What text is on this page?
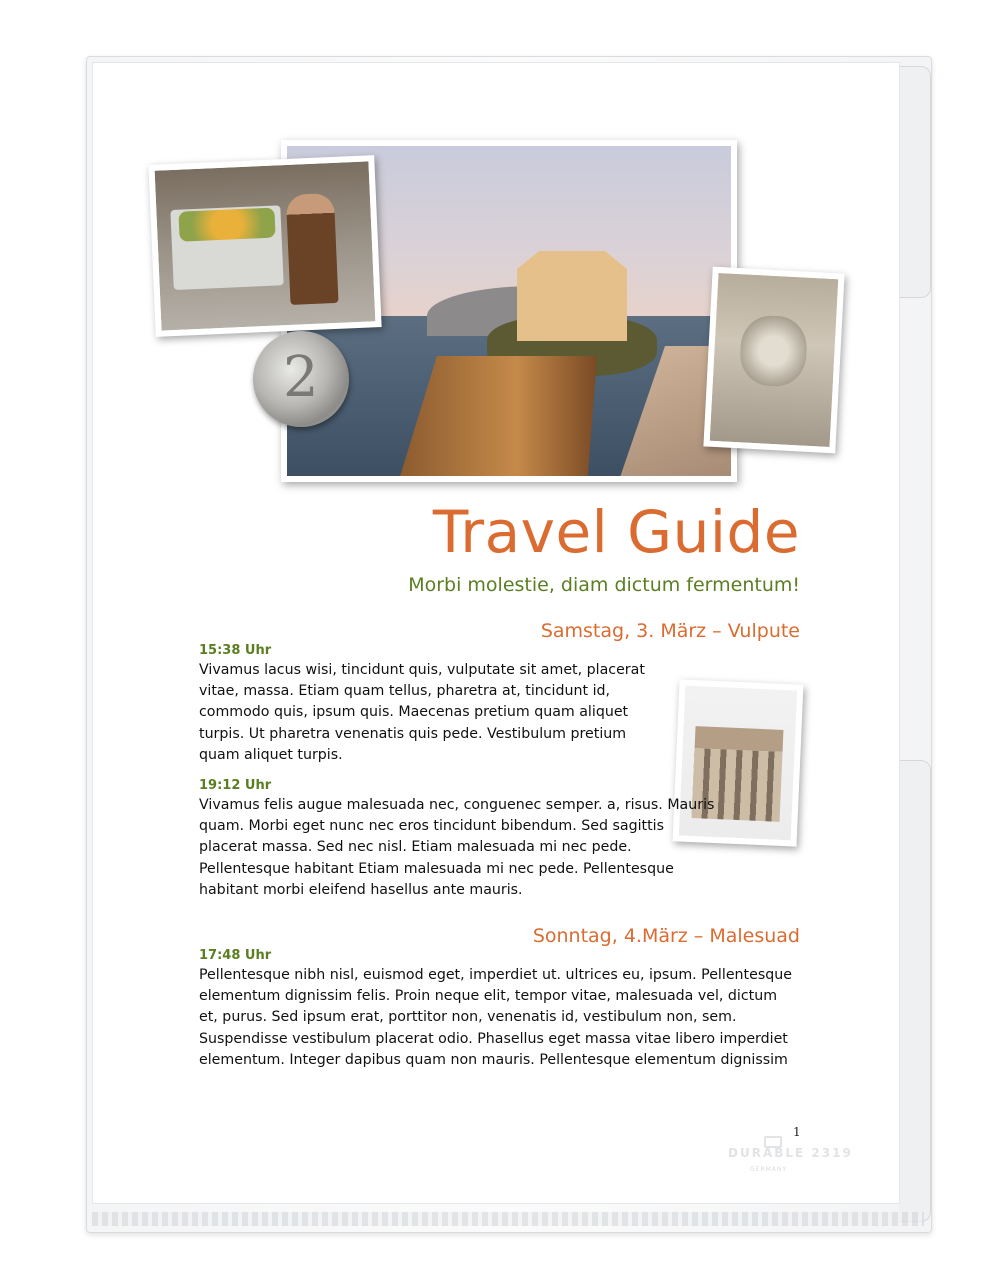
2
Travel Guide

Morbi molestie, diam dictum fermentum!

Samstag, 3. März – Vulpute

15:38 Uhr

Vivamus lacus wisi, tincidunt quis, vulputate sit amet, placerat vitae, massa. Etiam quam tellus, pharetra at, tincidunt id, commodo quis, ipsum quis. Maecenas pretium quam aliquet turpis. Ut pharetra venenatis quis pede. Vestibulum pretium quam aliquet turpis.

19:12 Uhr

Vivamus felis augue malesuada nec, conguenec semper. a, risus. Mauris quam. Morbi eget nunc nec eros tincidunt bibendum. Sed sagittis placerat massa. Sed nec nisl. Etiam malesuada mi nec pede. Pellentesque habitant Etiam malesuada mi nec pede. Pellentesque habitant morbi eleifend hasellus ante mauris.

Sonntag, 4.März – Malesuad

17:48 Uhr

Pellentesque nibh nisl, euismod eget, imperdiet ut. ultrices eu, ipsum. Pellentesque elementum dignissim felis. Proin neque elit, tempor vitae, malesuada vel, dictum et, purus. Sed ipsum erat, porttitor non, venenatis id, vestibulum non, sem. Suspendisse vestibulum placerat odio. Phasellus eget massa vitae libero imperdiet elementum. Integer dapibus quam non mauris. Pellentesque elementum dignissim

1
DURABLE 2319
GERMANY
